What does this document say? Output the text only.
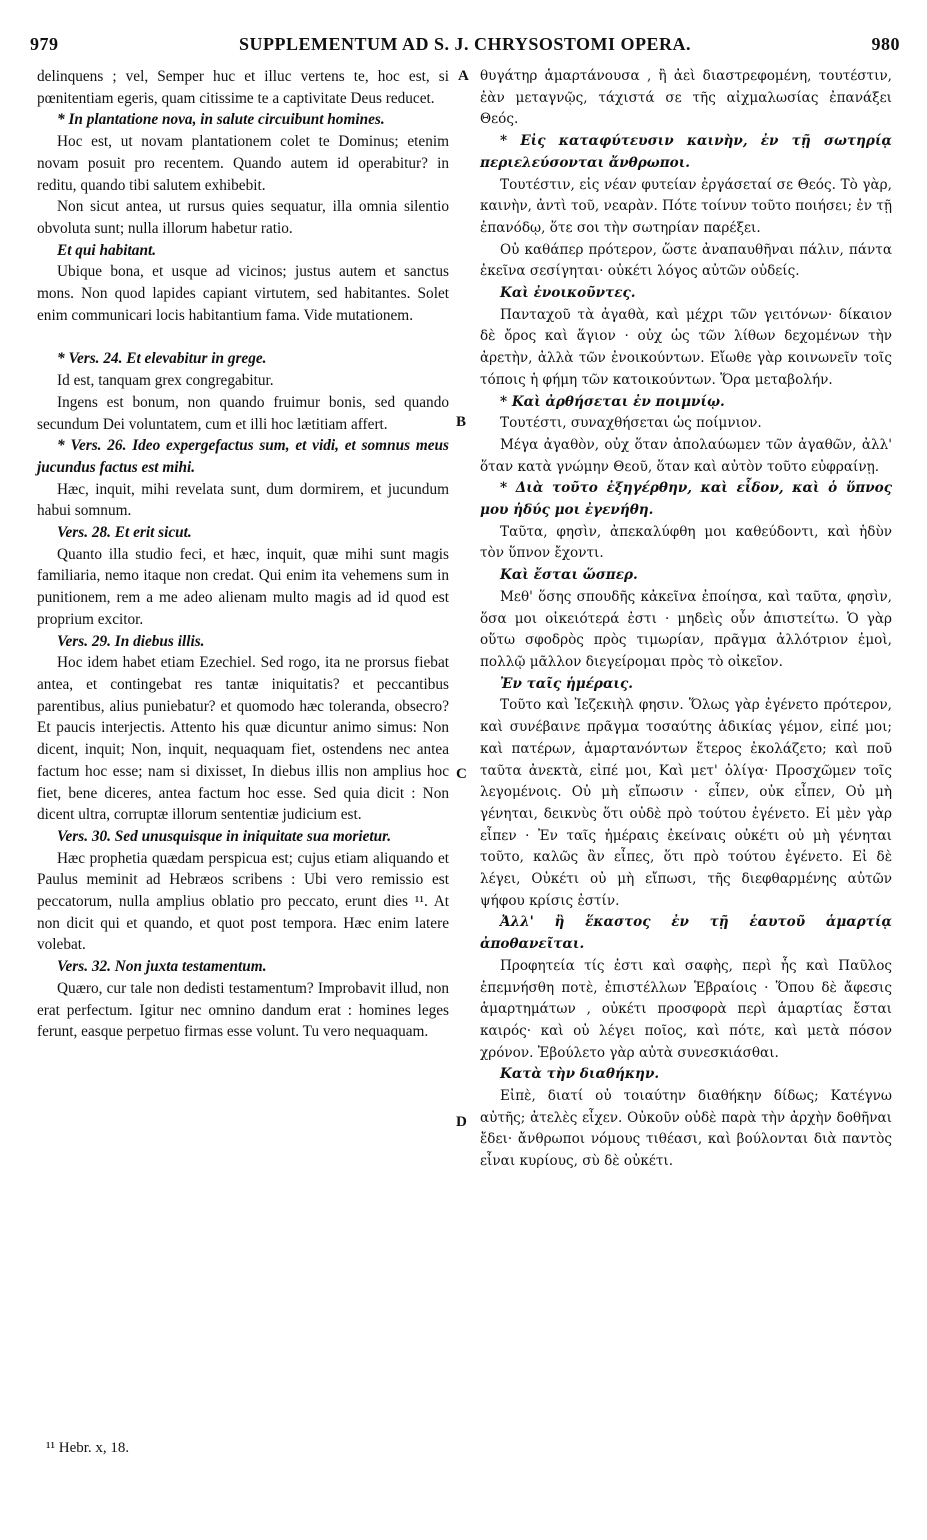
979	SUPPLEMENTUM AD S. J. CHRYSOSTOMI OPERA.	980

delinquens ; vel, Semper huc et illuc vertens te, hoc est, si pœnitentiam egeris, quam citissime te a captivitate Deus reducet.

* In plantatione nova, in salute circuibunt homines.

Hoc est, ut novam plantationem colet te Dominus; etenim novam posuit pro recentem. Quando autem id operabitur? in reditu, quando tibi salutem exhibebit.

Non sicut antea, ut rursus quies sequatur, illa omnia silentio obvoluta sunt; nulla illorum habetur ratio.

Et qui habitant.

Ubique bona, et usque ad vicinos; justus autem et sanctus mons. Non quod lapides capiant virtutem, sed habitantes. Solet enim communicari locis habitantium fama. Vide mutationem.

* Vers. 24. Et elevabitur in grege.

Id est, tanquam grex congregabitur.

Ingens est bonum, non quando fruimur bonis, sed quando secundum Dei voluntatem, cum et illi hoc lætitiam affert.

* Vers. 26. Ideo expergefactus sum, et vidi, et somnus meus jucundus factus est mihi.

Hæc, inquit, mihi revelata sunt, dum dormirem, et jucundum habui somnum.

Vers. 28. Et erit sicut.

Quanto illa studio feci, et hæc, inquit, quæ mihi sunt magis familiaria, nemo itaque non credat. Qui enim ita vehemens sum in punitionem, rem a me adeo alienam multo magis ad id quod est proprium excitor.

Vers. 29. In diebus illis.

Hoc idem habet etiam Ezechiel. Sed rogo, ita ne prorsus fiebat antea, et contingebat res tantæ iniquitatis? et peccantibus parentibus, alius puniebatur? et quomodo hæc toleranda, obsecro? Et paucis interjectis. Attento his quæ dicuntur animo simus: Non dicent, inquit; Non, inquit, nequaquam fiet, ostendens nec antea factum hoc esse; nam si dixisset, In diebus illis non amplius hoc fiet, bene diceres, antea factum hoc esse. Sed quia dicit : Non dicent ultra, corruptæ illorum sententiæ judicium est.

Vers. 30. Sed unusquisque in iniquitate sua morietur.

Hæc prophetia quædam perspicua est; cujus etiam aliquando et Paulus meminit ad Hebræos scribens : Ubi vero remissio est peccatorum, nulla amplius oblatio pro peccato, erunt dies ¹¹. At non dicit qui et quando, et quot post tempora. Hæc enim latere volebat.

Vers. 32. Non juxta testamentum.

Quæro, cur tale non dedisti testamentum? Improbavit illud, non erat perfectum. Igitur nec omnino dandum erat : homines leges ferunt, easque perpetuo firmas esse volunt. Tu vero nequaquam.

A
B
C
D

θυγάτηρ ἁμαρτάνουσα , ἢ ἀεὶ διαστρεφομένη, τουτέστιν, ἐὰν μεταγνῷς, τάχιστά σε τῆς αἰχμαλωσίας ἐπανάξει Θεός.

* Εἰς καταφύτευσιν καινὴν, ἐν τῇ σωτηρίᾳ περιελεύσονται ἄνθρωποι.

Τουτέστιν, εἰς νέαν φυτείαν ἐργάσεταί σε Θεός. Τὸ γὰρ, καινὴν, ἀντὶ τοῦ, νεαρὰν. Πότε τοίνυν τοῦτο ποιήσει; ἐν τῇ ἐπανόδῳ, ὅτε σοι τὴν σωτηρίαν παρέξει.

Οὐ καθάπερ πρότερον, ὥστε ἀναπαυθῆναι πάλιν, πάντα ἐκεῖνα σεσίγηται· οὐκέτι λόγος αὐτῶν οὐδείς.

Καὶ ἐνοικοῦντες.

Πανταχοῦ τὰ ἀγαθὰ, καὶ μέχρι τῶν γειτόνων· δίκαιον δὲ ὄρος καὶ ἅγιον · οὐχ ὡς τῶν λίθων δεχομένων τὴν ἀρετὴν, ἀλλὰ τῶν ἐνοικούντων. Εἴωθε γὰρ κοινωνεῖν τοῖς τόποις ἡ φήμη τῶν κατοικούντων. Ὅρα μεταβολήν.

* Καὶ ἀρθήσεται ἐν ποιμνίῳ.

Τουτέστι, συναχθήσεται ὡς ποίμνιον.

Μέγα ἀγαθὸν, οὐχ ὅταν ἀπολαύωμεν τῶν ἀγαθῶν, ἀλλ' ὅταν κατὰ γνώμην Θεοῦ, ὅταν καὶ αὐτὸν τοῦτο εὐφραίνῃ.

* Διὰ τοῦτο ἐξηγέρθην, καὶ εἶδον, καὶ ὁ ὕπνος μου ἡδύς μοι ἐγενήθη.

Ταῦτα, φησὶν, ἀπεκαλύφθη μοι καθεύδοντι, καὶ ἡδὺν τὸν ὕπνον ἔχοντι.

Καὶ ἔσται ὥσπερ.

Μεθ' ὅσης σπουδῆς κἀκεῖνα ἐποίησα, καὶ ταῦτα, φησὶν, ὅσα μοι οἰκειότερά ἐστι · μηδεὶς οὖν ἀπιστείτω. Ὁ γὰρ οὕτω σφοδρὸς πρὸς τιμωρίαν, πρᾶγμα ἀλλότριον ἐμοὶ, πολλῷ μᾶλλον διεγείρομαι πρὸς τὸ οἰκεῖον.

Ἐν ταῖς ἡμέραις.

Τοῦτο καὶ Ἰεζεκιὴλ φησιν. Ὅλως γὰρ ἐγένετο πρότερον, καὶ συνέβαινε πρᾶγμα τοσαύτης ἀδικίας γέμον, εἰπέ μοι; καὶ πατέρων, ἁμαρτανόντων ἕτερος ἐκολάζετο; καὶ ποῦ ταῦτα ἀνεκτὰ, εἰπέ μοι, Καὶ μετ' ὀλίγα· Προσχῶμεν τοῖς λεγομένοις. Οὐ μὴ εἴπωσιν · εἶπεν, οὐκ εἶπεν, Οὐ μὴ γένηται, δεικνὺς ὅτι οὐδὲ πρὸ τούτου ἐγένετο. Εἰ μὲν γὰρ εἶπεν · Ἐν ταῖς ἡμέραις ἐκείναις οὐκέτι οὐ μὴ γένηται τοῦτο, καλῶς ἂν εἶπες, ὅτι πρὸ τούτου ἐγένετο. Εἰ δὲ λέγει, Οὐκέτι οὐ μὴ εἴπωσι, τῆς διεφθαρμένης αὐτῶν ψήφου κρίσις ἐστίν.

Ἀλλ' ἢ ἕκαστος ἐν τῇ ἑαυτοῦ ἁμαρτίᾳ ἀποθανεῖται.

Προφητεία τίς ἐστι καὶ σαφὴς, περὶ ἧς καὶ Παῦλος ἐπεμνήσθη ποτὲ, ἐπιστέλλων Ἑβραίοις · Ὅπου δὲ ἄφεσις ἁμαρτημάτων , οὐκέτι προσφορὰ περὶ ἁμαρτίας ἔσται καιρός· καὶ οὐ λέγει ποῖος, καὶ πότε, καὶ μετὰ πόσον χρόνον. Ἐβούλετο γὰρ αὐτὰ συνεσκιάσθαι.

Κατὰ τὴν διαθήκην.

Εἰπὲ, διατί οὐ τοιαύτην διαθήκην δίδως; Κατέγνω αὐτῆς; ἀτελὲς εἶχεν. Οὐκοῦν οὐδὲ παρὰ τὴν ἀρχὴν δοθῆναι ἔδει· ἄνθρωποι νόμους τιθέασι, καὶ βούλονται διὰ παντὸς εἶναι κυρίους, σὺ δὲ οὐκέτι.

¹¹ Hebr. x, 18.
